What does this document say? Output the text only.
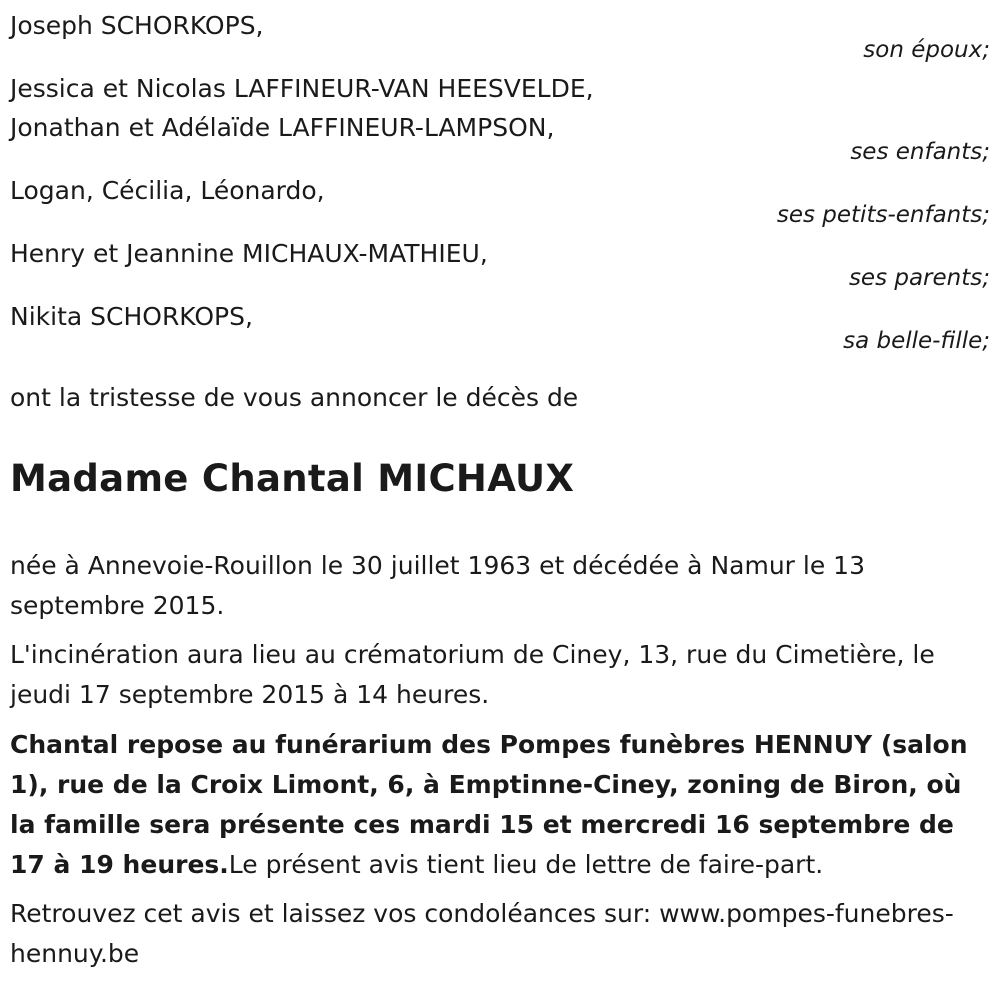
Joseph SCHORKOPS,
son époux;
Jessica et Nicolas LAFFINEUR-VAN HEESVELDE,
Jonathan et Adélaïde LAFFINEUR-LAMPSON,
ses enfants;
Logan, Cécilia, Léonardo,
ses petits-enfants;
Henry et Jeannine MICHAUX-MATHIEU,
ses parents;
Nikita SCHORKOPS,
sa belle-fille;
ont la tristesse de vous annoncer le décès de
Madame Chantal MICHAUX
née à Annevoie-Rouillon le 30 juillet 1963 et décédée à Namur le 13 septembre 2015.
L'incinération aura lieu au crématorium de Ciney, 13, rue du Cimetière, le jeudi 17 septembre 2015 à 14 heures.
Chantal repose au funérarium des Pompes funèbres HENNUY (salon 1), rue de la Croix Limont, 6, à Emptinne-Ciney, zoning de Biron, où la famille sera présente ces mardi 15 et mercredi 16 septembre de 17 à 19 heures.Le présent avis tient lieu de lettre de faire-part.
Retrouvez cet avis et laissez vos condoléances sur: www.pompes-funebres-hennuy.be
